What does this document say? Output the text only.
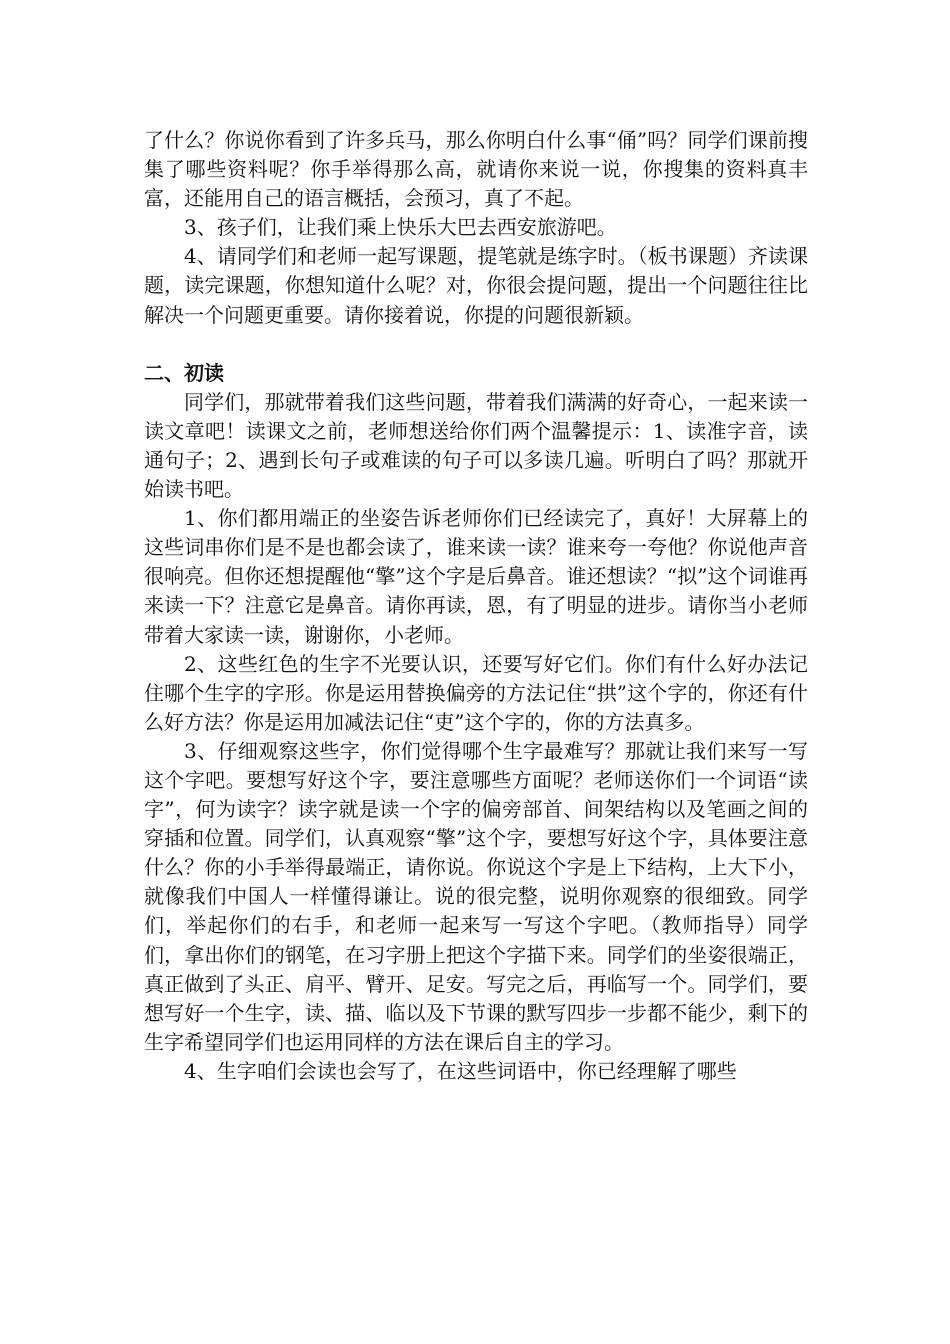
了什么？你说你看到了许多兵马，那么你明白什么事“俑”吗？同学们课前搜集了哪些资料呢？你手举得那么高，就请你来说一说，你搜集的资料真丰富，还能用自己的语言概括，会预习，真了不起。

3、孩子们，让我们乘上快乐大巴去西安旅游吧。

4、请同学们和老师一起写课题，提笔就是练字时。（板书课题）齐读课题，读完课题，你想知道什么呢？对，你很会提问题，提出一个问题往往比解决一个问题更重要。请你接着说，你提的问题很新颖。

二、初读

同学们，那就带着我们这些问题，带着我们满满的好奇心，一起来读一读文章吧！读课文之前，老师想送给你们两个温馨提示：1、读准字音，读通句子；2、遇到长句子或难读的句子可以多读几遍。听明白了吗？那就开始读书吧。

1、你们都用端正的坐姿告诉老师你们已经读完了，真好！大屏幕上的这些词串你们是不是也都会读了，谁来读一读？谁来夸一夸他？你说他声音很响亮。但你还想提醒他“擎”这个字是后鼻音。谁还想读？“拟”这个词谁再来读一下？注意它是鼻音。请你再读，恩，有了明显的进步。请你当小老师带着大家读一读，谢谢你，小老师。

2、这些红色的生字不光要认识，还要写好它们。你们有什么好办法记住哪个生字的字形。你是运用替换偏旁的方法记住“拱”这个字的，你还有什么好方法？你是运用加减法记住“吏”这个字的，你的方法真多。

3、仔细观察这些字，你们觉得哪个生字最难写？那就让我们来写一写这个字吧。要想写好这个字，要注意哪些方面呢？老师送你们一个词语“读字”，何为读字？读字就是读一个字的偏旁部首、间架结构以及笔画之间的穿插和位置。同学们，认真观察“擎”这个字，要想写好这个字，具体要注意什么？你的小手举得最端正，请你说。你说这个字是上下结构，上大下小，就像我们中国人一样懂得谦让。说的很完整，说明你观察的很细致。同学们，举起你们的右手，和老师一起来写一写这个字吧。（教师指导）同学们，拿出你们的钢笔，在习字册上把这个字描下来。同学们的坐姿很端正，真正做到了头正、肩平、臂开、足安。写完之后，再临写一个。同学们，要想写好一个生字，读、描、临以及下节课的默写四步一步都不能少，剩下的生字希望同学们也运用同样的方法在课后自主的学习。

4、生字咱们会读也会写了，在这些词语中，你已经理解了哪些
